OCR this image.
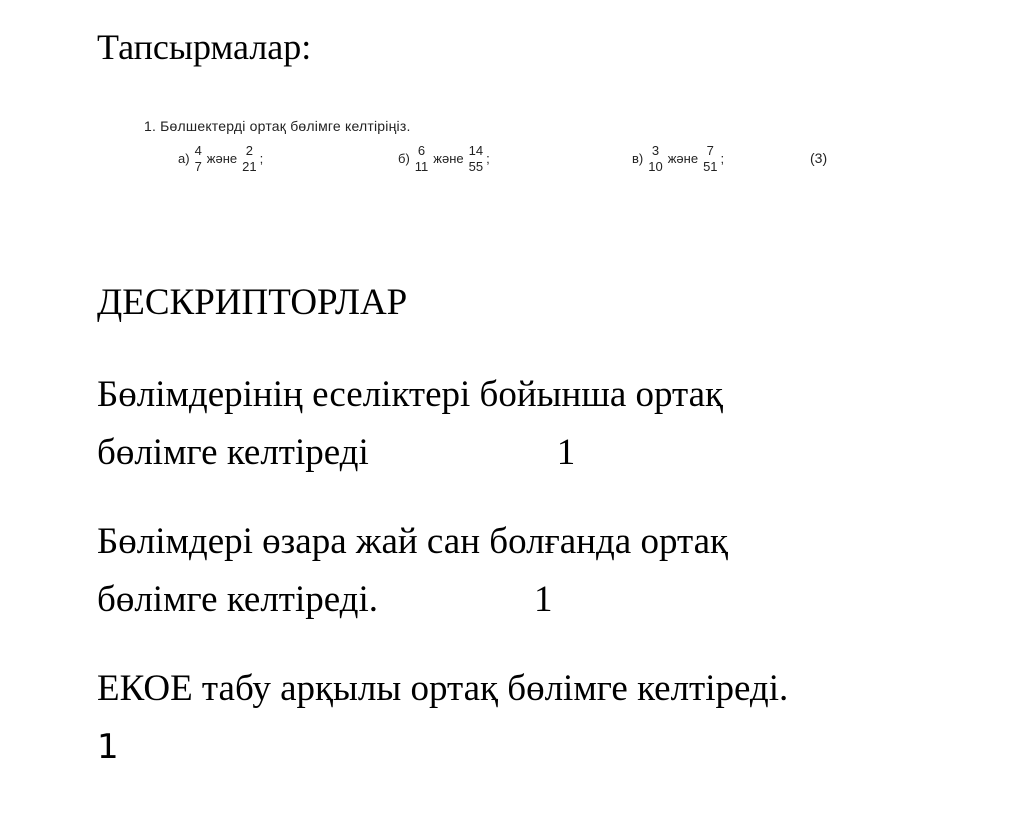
Тапсырмалар:
1. Бөлшектерді ортақ бөлімге келтіріңіз.
а)
4
7
және
2
21
;	б)
6
11
және
14
55
;	в)
3
10
және
7
51
;	(3)
ДЕСКРИПТОРЛАР
Бөлімдерінің еселіктері бойынша ортақ
бөлімге келтіреді	1
Бөлімдері өзара жай сан болғанда ортақ
бөлімге келтіреді.	1
ЕКОЕ табу арқылы ортақ бөлімге келтіреді.
1
